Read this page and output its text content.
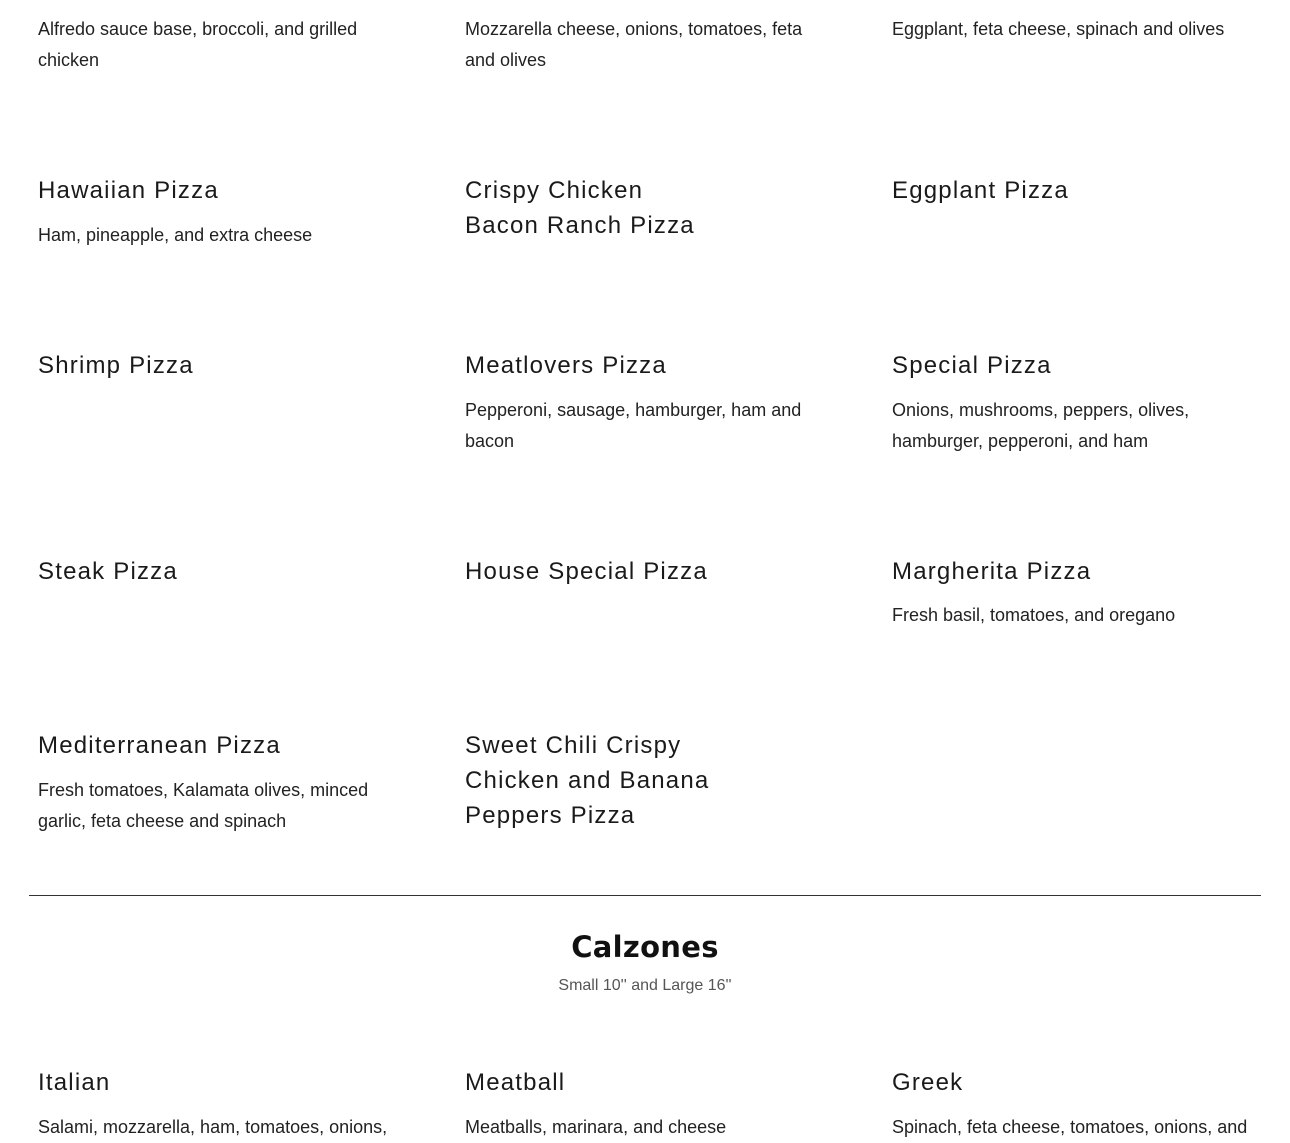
Alfredo sauce base, broccoli, and grilled
chicken

Mozzarella cheese, onions, tomatoes, feta
and olives

Eggplant, feta cheese, spinach and olives

Hawaiian Pizza

Ham, pineapple, and extra cheese

Crispy Chicken
Bacon Ranch Pizza
Eggplant Pizza
Shrimp Pizza	Meatlovers Pizza

Pepperoni, sausage, hamburger, ham and
bacon

Special Pizza

Onions, mushrooms, peppers, olives,
hamburger, pepperoni, and ham

Steak Pizza	House Special Pizza	Margherita Pizza

Fresh basil, tomatoes, and oregano

Mediterranean Pizza

Fresh tomatoes, Kalamata olives, minced
garlic, feta cheese and spinach

Sweet Chili Crispy
Chicken and Banana
Peppers Pizza
Calzones

Small 10'' and Large 16''

Italian

Salami, mozzarella, ham, tomatoes, onions,

Meatball

Meatballs, marinara, and cheese

Greek

Spinach, feta cheese, tomatoes, onions, and
